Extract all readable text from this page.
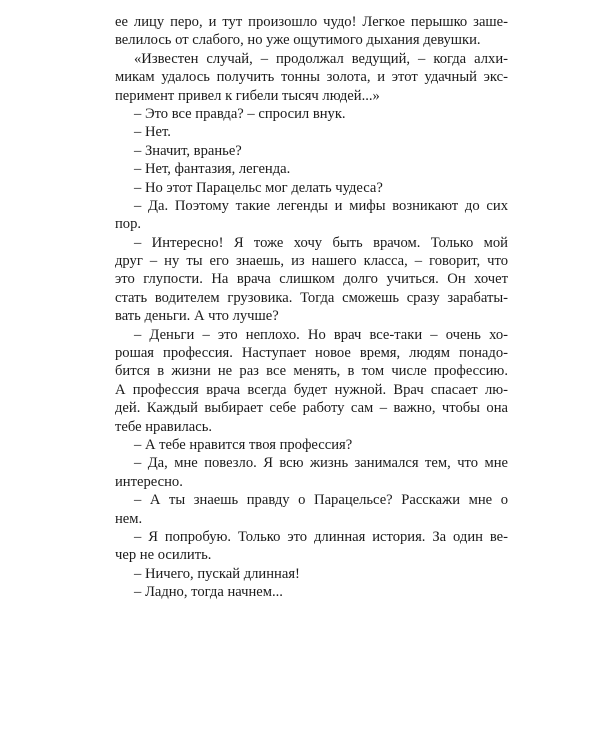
ее лицу перо, и тут произошло чудо! Легкое перышко заше-
велилось от слабого, но уже ощутимого дыхания девушки.
«Известен случай, – продолжал ведущий, – когда алхи-
микам удалось получить тонны золота, и этот удачный экс-
перимент привел к гибели тысяч людей...»
– Это все правда? – спросил внук.
– Нет.
– Значит, вранье?
– Нет, фантазия, легенда.
– Но этот Парацельс мог делать чудеса?
– Да. Поэтому такие легенды и мифы возникают до сих
пор.
– Интересно! Я тоже хочу быть врачом. Только мой
друг – ну ты его знаешь, из нашего класса, – говорит, что
это глупости. На врача слишком долго учиться. Он хочет
стать водителем грузовика. Тогда сможешь сразу зарабаты-
вать деньги. А что лучше?
– Деньги – это неплохо. Но врач все-таки – очень хо-
рошая профессия. Наступает новое время, людям понадо-
бится в жизни не раз все менять, в том числе профессию.
А профессия врача всегда будет нужной. Врач спасает лю-
дей. Каждый выбирает себе работу сам – важно, чтобы она
тебе нравилась.
– А тебе нравится твоя профессия?
– Да, мне повезло. Я всю жизнь занимался тем, что мне
интересно.
– А ты знаешь правду о Парацельсе? Расскажи мне о
нем.
– Я попробую. Только это длинная история. За один ве-
чер не осилить.
– Ничего, пускай длинная!
– Ладно, тогда начнем...
